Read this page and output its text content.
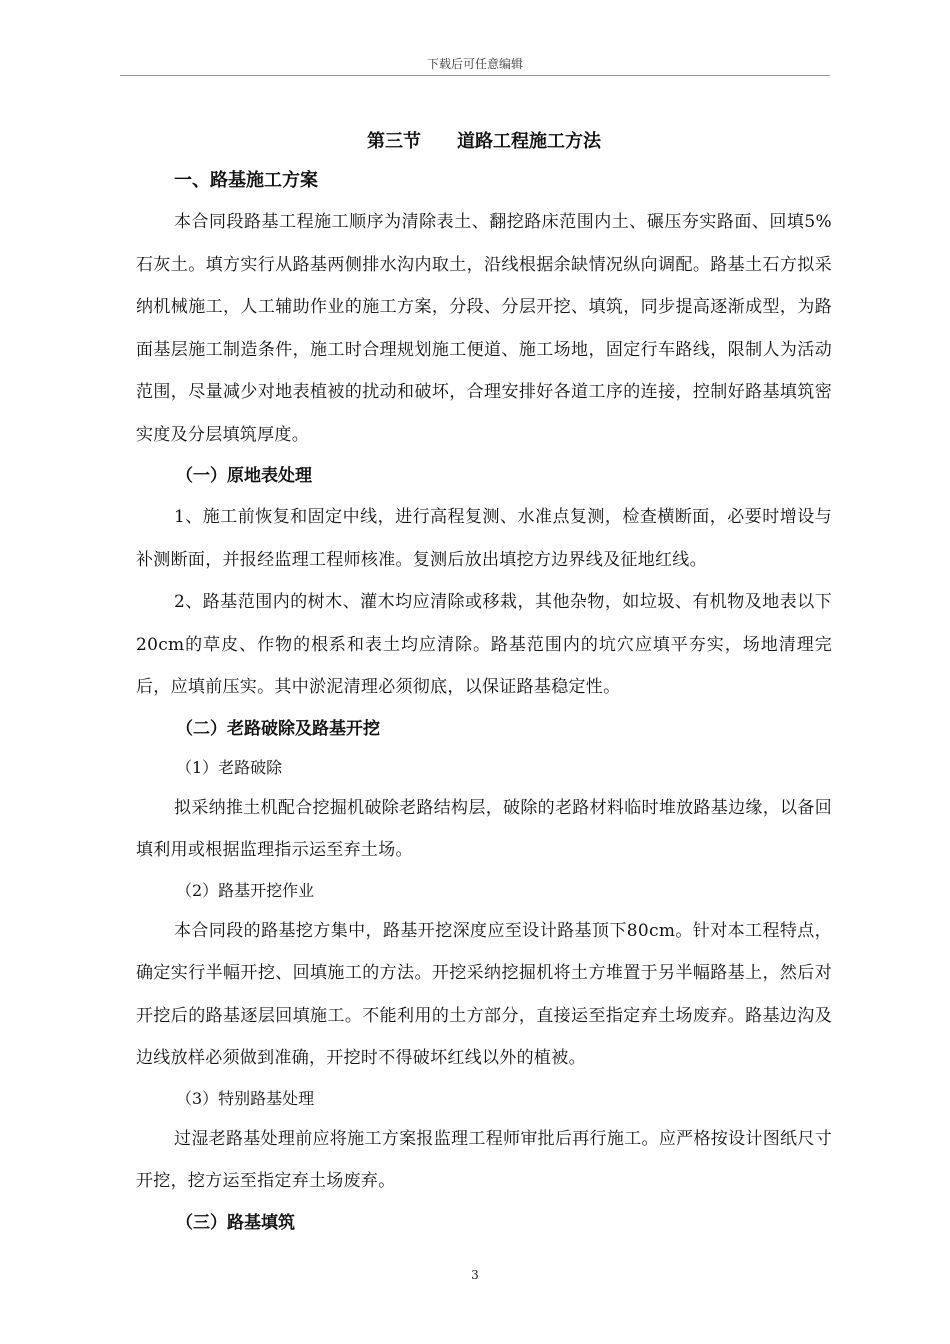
下载后可任意编辑
第三节　　道路工程施工方法
一、路基施工方案

本合同段路基工程施工顺序为清除表土、翻挖路床范围内土、碾压夯实路面、回填5%石灰土。填方实行从路基两侧排水沟内取土，沿线根据余缺情况纵向调配。路基土石方拟采纳机械施工，人工辅助作业的施工方案，分段、分层开挖、填筑，同步提高逐渐成型，为路面基层施工制造条件，施工时合理规划施工便道、施工场地，固定行车路线，限制人为活动范围，尽量减少对地表植被的扰动和破坏，合理安排好各道工序的连接，控制好路基填筑密实度及分层填筑厚度。

（一）原地表处理

1、施工前恢复和固定中线，进行高程复测、水准点复测，检查横断面，必要时增设与补测断面，并报经监理工程师核准。复测后放出填挖方边界线及征地红线。

2、路基范围内的树木、灌木均应清除或移栽，其他杂物，如垃圾、有机物及地表以下20cm的草皮、作物的根系和表土均应清除。路基范围内的坑穴应填平夯实，场地清理完后，应填前压实。其中淤泥清理必须彻底，以保证路基稳定性。

（二）老路破除及路基开挖
（1）老路破除

拟采纳推土机配合挖掘机破除老路结构层，破除的老路材料临时堆放路基边缘，以备回填利用或根据监理指示运至弃土场。

（2）路基开挖作业

本合同段的路基挖方集中，路基开挖深度应至设计路基顶下80cm。针对本工程特点，确定实行半幅开挖、回填施工的方法。开挖采纳挖掘机将土方堆置于另半幅路基上，然后对开挖后的路基逐层回填施工。不能利用的土方部分，直接运至指定弃土场废弃。路基边沟及边线放样必须做到准确，开挖时不得破坏红线以外的植被。

（3）特别路基处理

过湿老路基处理前应将施工方案报监理工程师审批后再行施工。应严格按设计图纸尺寸开挖，挖方运至指定弃土场废弃。

（三）路基填筑
3
